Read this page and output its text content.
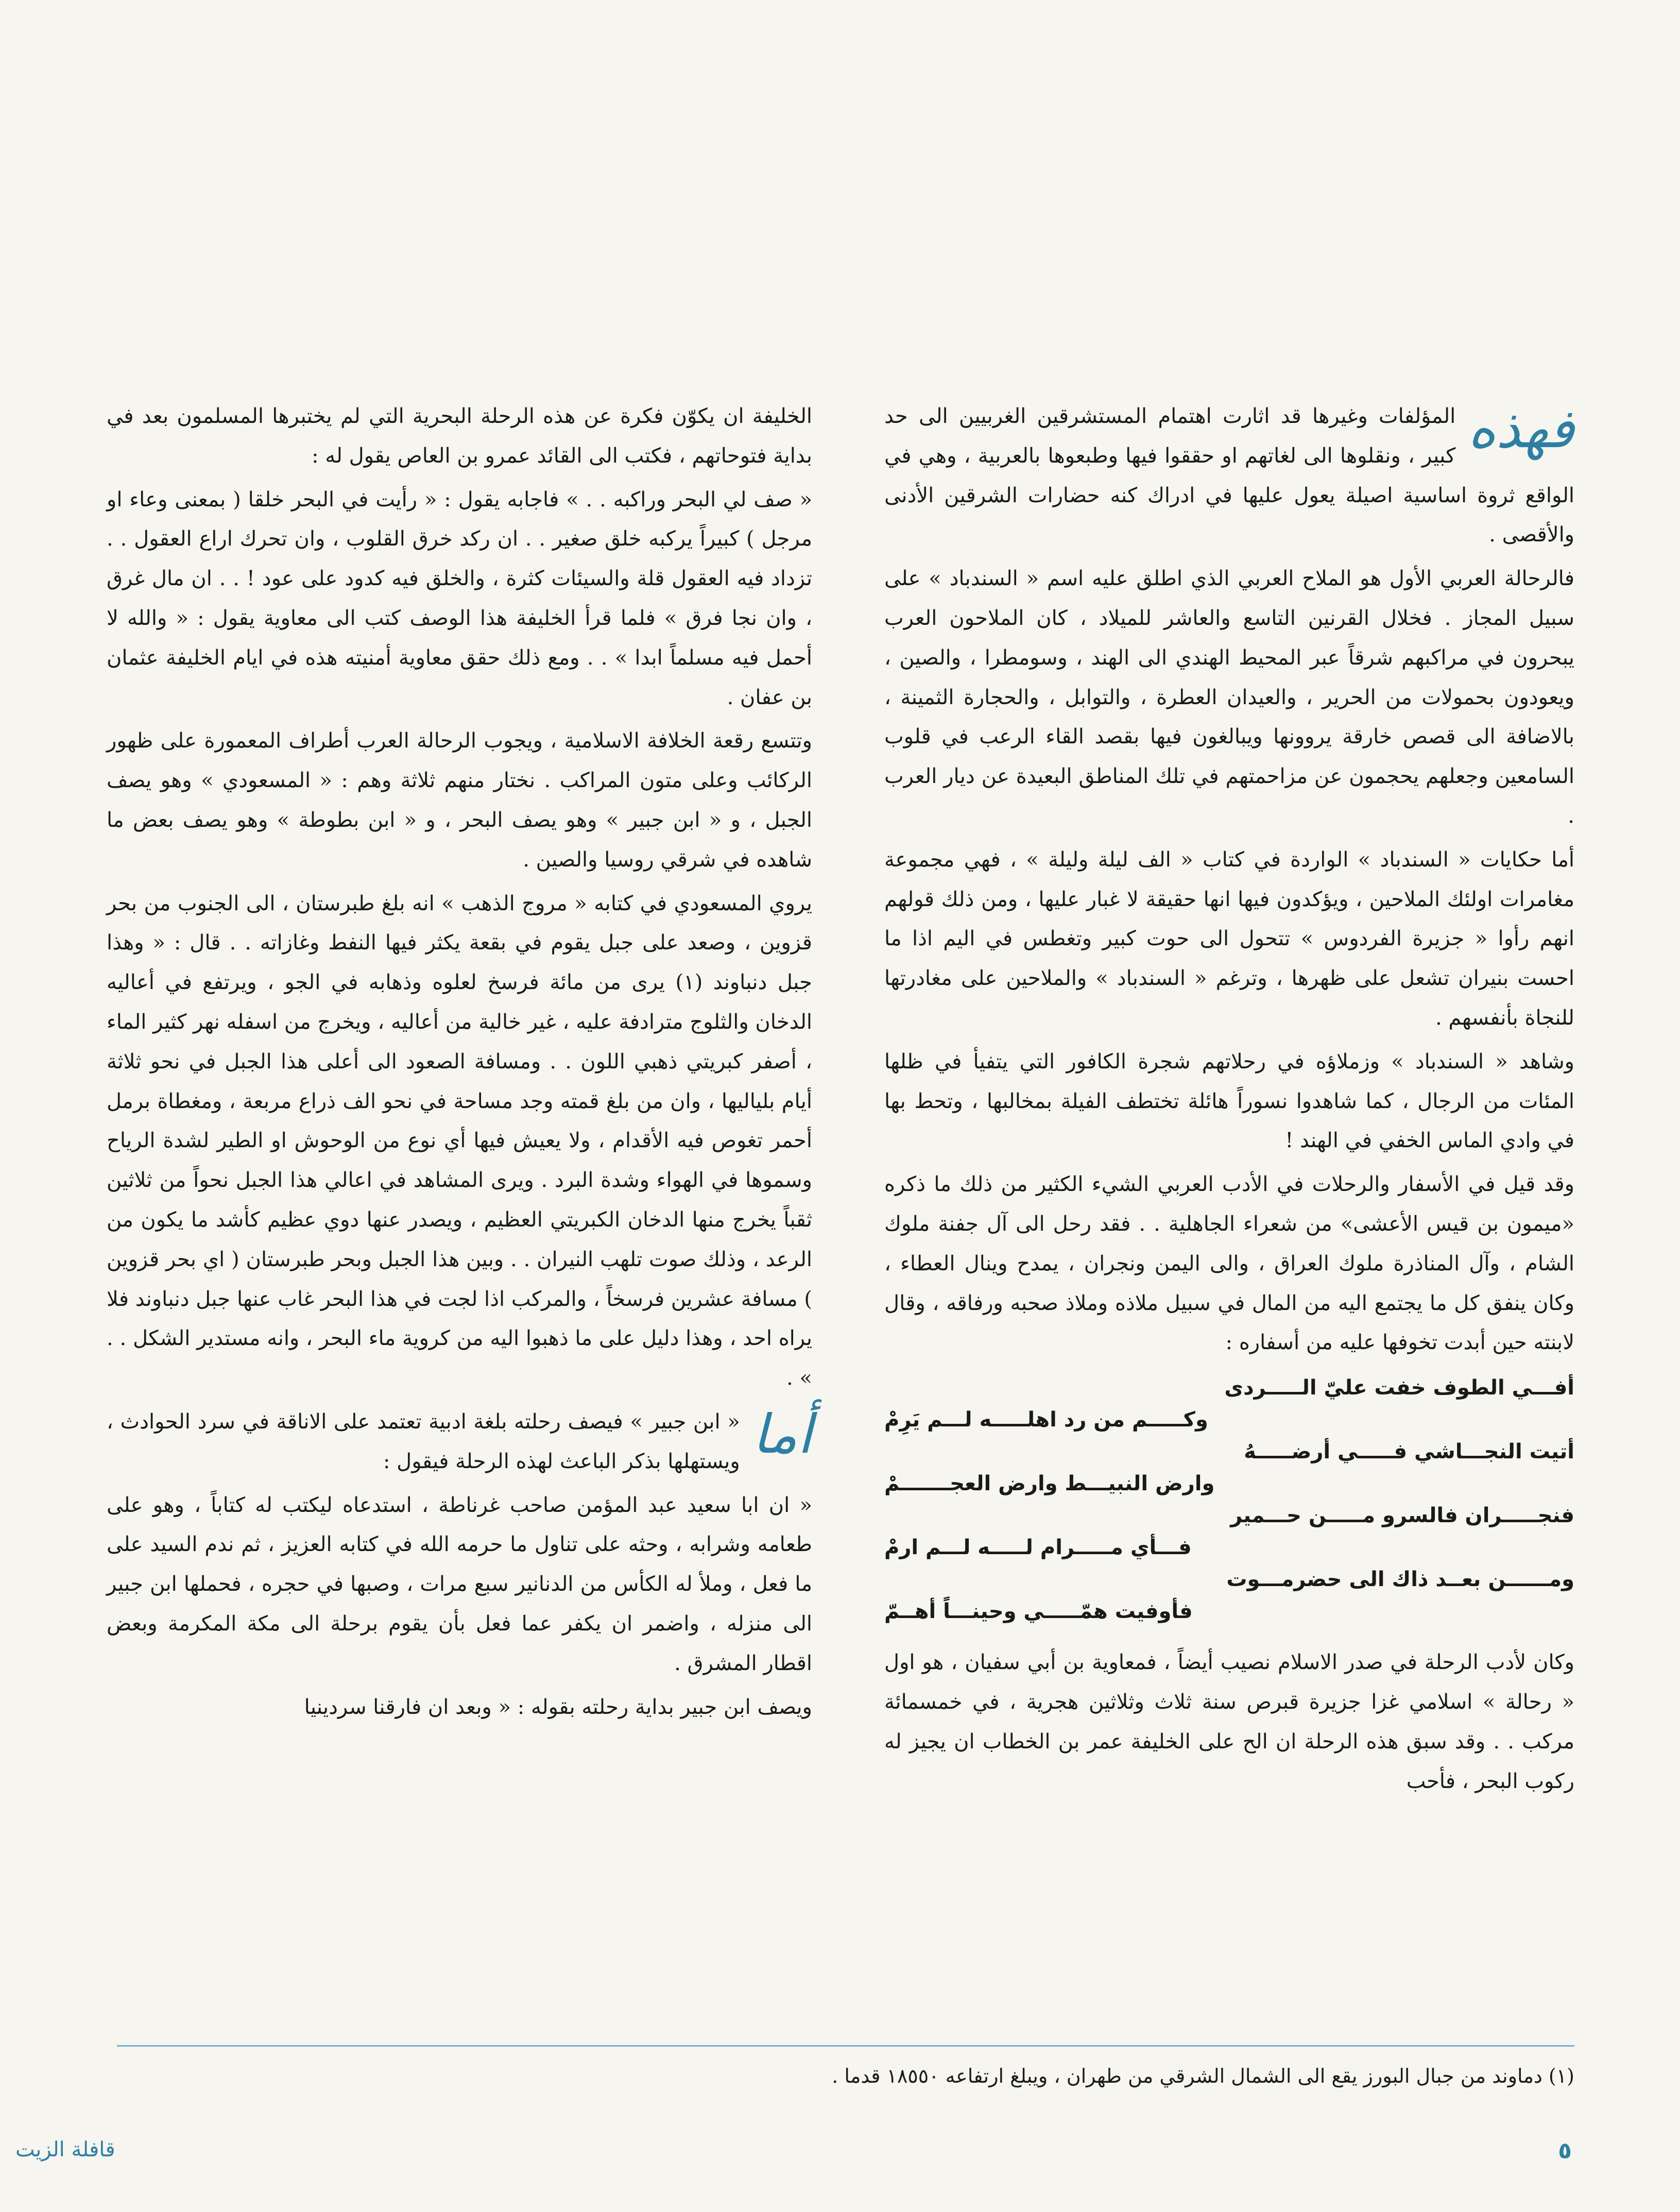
فهذه
المؤلفات وغيرها قد اثارت اهتمام المستشرقين الغربيين الى حد كبير ، ونقلوها الى لغاتهم او حققوا فيها وطبعوها بالعربية ، وهي في الواقع ثروة اساسية اصيلة يعول عليها في ادراك كنه حضارات الشرقين الأدنى والأقصى .

فالرحالة العربي الأول هو الملاح العربي الذي اطلق عليه اسم « السندباد » على سبيل المجاز . فخلال القرنين التاسع والعاشر للميلاد ، كان الملاحون العرب يبحرون في مراكبهم شرقاً عبر المحيط الهندي الى الهند ، وسومطرا ، والصين ، ويعودون بحمولات من الحرير ، والعيدان العطرة ، والتوابل ، والحجارة الثمينة ، بالاضافة الى قصص خارقة يروونها ويبالغون فيها بقصد القاء الرعب في قلوب السامعين وجعلهم يحجمون عن مزاحمتهم في تلك المناطق البعيدة عن ديار العرب .

أما حكايات « السندباد » الواردة في كتاب « الف ليلة وليلة » ، فهي مجموعة مغامرات اولئك الملاحين ، ويؤكدون فيها انها حقيقة لا غبار عليها ، ومن ذلك قولهم انهم رأوا « جزيرة الفردوس » تتحول الى حوت كبير وتغطس في اليم اذا ما احست بنيران تشعل على ظهرها ، وترغم « السندباد » والملاحين على مغادرتها للنجاة بأنفسهم .

وشاهد « السندباد » وزملاؤه في رحلاتهم شجرة الكافور التي يتفيأ في ظلها المئات من الرجال ، كما شاهدوا نسوراً هائلة تختطف الفيلة بمخالبها ، وتحط بها في وادي الماس الخفي في الهند !

وقد قيل في الأسفار والرحلات في الأدب العربي الشيء الكثير من ذلك ما ذكره «ميمون بن قيس الأعشى» من شعراء الجاهلية . . فقد رحل الى آل جفنة ملوك الشام ، وآل المناذرة ملوك العراق ، والى اليمن ونجران ، يمدح وينال العطاء ، وكان ينفق كل ما يجتمع اليه من المال في سبيل ملاذه وملاذ صحبه ورفاقه ، وقال لابنته حين أبدت تخوفها عليه من أسفاره :

أفـــي الطوف خفت عليّ الـــــردى
وكـــــم من رد اهلـــــه لـــم يَرِمْ
أتيت النجـــاشي فـــــي أرضـــــهُ
وارض النبيـــط وارض العجـــــــمْ
فنجـــــران فالسرو مـــــن حـــمير
فـــأي مـــــرام لـــــه لـــم ارمْ
ومــــــن بعــد ذاك الى حضرمـــوت
فأوفيت همّـــــي وحينـــاً أهــمّ

وكان لأدب الرحلة في صدر الاسلام نصيب أيضاً ، فمعاوية بن أبي سفيان ، هو اول « رحالة » اسلامي غزا جزيرة قبرص سنة ثلاث وثلاثين هجرية ، في خمسمائة مركب . . وقد سبق هذه الرحلة ان الح على الخليفة عمر بن الخطاب ان يجيز له ركوب البحر ، فأحب

الخليفة ان يكوّن فكرة عن هذه الرحلة البحرية التي لم يختبرها المسلمون بعد في بداية فتوحاتهم ، فكتب الى القائد عمرو بن العاص يقول له :

« صف لي البحر وراكبه . . » فاجابه يقول : « رأيت في البحر خلقا ( بمعنى وعاء او مرجل ) كبيراً يركبه خلق صغير . . ان ركد خرق القلوب ، وان تحرك اراع العقول . . تزداد فيه العقول قلة والسيئات كثرة ، والخلق فيه كدود على عود ! . . ان مال غرق ، وان نجا فرق » فلما قرأ الخليفة هذا الوصف كتب الى معاوية يقول : « والله لا أحمل فيه مسلماً ابدا » . . ومع ذلك حقق معاوية أمنيته هذه في ايام الخليفة عثمان بن عفان .

وتتسع رقعة الخلافة الاسلامية ، ويجوب الرحالة العرب أطراف المعمورة على ظهور الركائب وعلى متون المراكب . نختار منهم ثلاثة وهم : « المسعودي » وهو يصف الجبل ، و « ابن جبير » وهو يصف البحر ، و « ابن بطوطة » وهو يصف بعض ما شاهده في شرقي روسيا والصين .

يروي المسعودي في كتابه « مروج الذهب » انه بلغ طبرستان ، الى الجنوب من بحر قزوين ، وصعد على جبل يقوم في بقعة يكثر فيها النفط وغازاته . . قال : « وهذا جبل دنباوند (١) يرى من مائة فرسخ لعلوه وذهابه في الجو ، ويرتفع في أعاليه الدخان والثلوج مترادفة عليه ، غير خالية من أعاليه ، ويخرج من اسفله نهر كثير الماء ، أصفر كبريتي ذهبي اللون . . ومسافة الصعود الى أعلى هذا الجبل في نحو ثلاثة أيام بلياليها ، وان من بلغ قمته وجد مساحة في نحو الف ذراع مربعة ، ومغطاة برمل أحمر تغوص فيه الأقدام ، ولا يعيش فيها أي نوع من الوحوش او الطير لشدة الرياح وسموها في الهواء وشدة البرد . ويرى المشاهد في اعالي هذا الجبل نحواً من ثلاثين ثقباً يخرج منها الدخان الكبريتي العظيم ، ويصدر عنها دوي عظيم كأشد ما يكون من الرعد ، وذلك صوت تلهب النيران . . وبين هذا الجبل وبحر طبرستان ( اي بحر قزوين ) مسافة عشرين فرسخاً ، والمركب اذا لجت في هذا البحر غاب عنها جبل دنباوند فلا يراه احد ، وهذا دليل على ما ذهبوا اليه من كروية ماء البحر ، وانه مستدير الشكل . . » .

أما
« ابن جبير » فيصف رحلته بلغة ادبية تعتمد على الاناقة في سرد الحوادث ، ويستهلها بذكر الباعث لهذه الرحلة فيقول :

« ان ابا سعيد عبد المؤمن صاحب غرناطة ، استدعاه ليكتب له كتاباً ، وهو على طعامه وشرابه ، وحثه على تناول ما حرمه الله في كتابه العزيز ، ثم ندم السيد على ما فعل ، وملأ له الكأس من الدنانير سبع مرات ، وصبها في حجره ، فحملها ابن جبير الى منزله ، واضمر ان يكفر عما فعل بأن يقوم برحلة الى مكة المكرمة وبعض اقطار المشرق .

ويصف ابن جبير بداية رحلته بقوله : « وبعد ان فارقنا سردينيا

(١) دماوند من جبال البورز يقع الى الشمال الشرقي من طهران ، ويبلغ ارتفاعه ١٨٥٥٠ قدما .
٥
قافلة الزيت
